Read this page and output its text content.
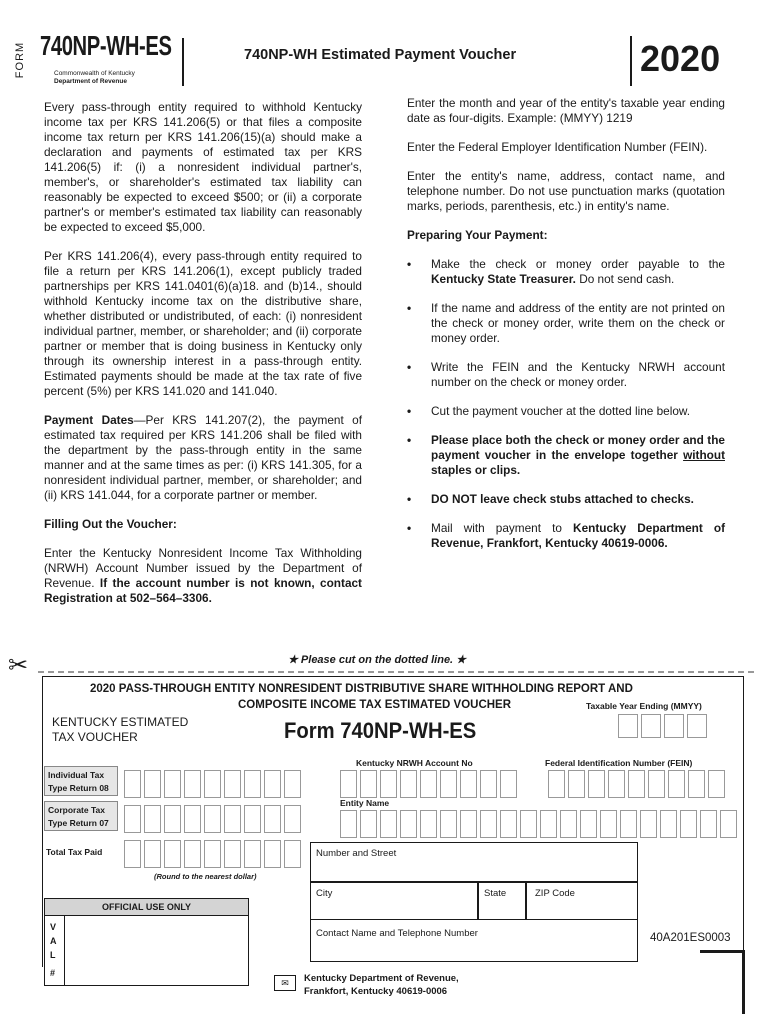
FORM 740NP-WH-ES
Commonwealth of Kentucky
Department of Revenue
740NP-WH Estimated Payment Voucher	2020

Every pass-through entity required to withhold Kentucky income tax per KRS 141.206(5) or that files a composite income tax return per KRS 141.206(15)(a) should make a declaration and payments of estimated tax per KRS 141.206(5) if: (i) a nonresident individual partner's, member's, or shareholder's estimated tax liability can reasonably be expected to exceed $500; or (ii) a corporate partner's or member's estimated tax liability can reasonably be expected to exceed $5,000.

Per KRS 141.206(4), every pass-through entity required to file a return per KRS 141.206(1), except publicly traded partnerships per KRS 141.0401(6)(a)18. and (b)14., should withhold Kentucky income tax on the distributive share, whether distributed or undistributed, of each: (i) nonresident individual partner, member, or shareholder; and (ii) corporate partner or member that is doing business in Kentucky only through its ownership interest in a pass-through entity. Estimated payments should be made at the tax rate of five percent (5%) per KRS 141.020 and 141.040.

Payment Dates—Per KRS 141.207(2), the payment of estimated tax required per KRS 141.206 shall be filed with the department by the pass-through entity in the same manner and at the same times as per: (i) KRS 141.305, for a nonresident individual partner, member, or shareholder; and (ii) KRS 141.044, for a corporate partner or member.

Filling Out the Voucher:

Enter the Kentucky Nonresident Income Tax Withholding (NRWH) Account Number issued by the Department of Revenue. If the account number is not known, contact Registration at 502–564–3306.

Enter the month and year of the entity's taxable year ending date as four-digits. Example: (MMYY) 1219

Enter the Federal Employer Identification Number (FEIN).

Enter the entity's name, address, contact name, and telephone number. Do not use punctuation marks (quotation marks, periods, parenthesis, etc.) in entity's name.

Preparing Your Payment:

• Make the check or money order payable to the Kentucky State Treasurer. Do not send cash.
• If the name and address of the entity are not printed on the check or money order, write them on the check or money order.
• Write the FEIN and the Kentucky NRWH account number on the check or money order.
• Cut the payment voucher at the dotted line below.
• Please place both the check or money order and the payment voucher in the envelope together without staples or clips.
• DO NOT leave check stubs attached to checks.
• Mail with payment to Kentucky Department of Revenue, Frankfort, Kentucky 40619-0006.
✂	★ Please cut on the dotted line. ★
2020 PASS-THROUGH ENTITY NONRESIDENT DISTRIBUTIVE SHARE WITHHOLDING REPORT AND
COMPOSITE INCOME TAX ESTIMATED VOUCHER	Taxable Year Ending (MMYY)
KENTUCKY ESTIMATED
TAX VOUCHER	Form 740NP-WH-ES
Kentucky NRWH Account No	Federal Identification Number (FEIN)
Individual Tax
Type Return 08
Corporate Tax
Type Return 07
Entity Name
Total Tax Paid
(Round to the nearest dollar)
Number and Street
City	State	ZIP Code
Contact Name and Telephone Number
OFFICIAL USE ONLY
V
A
L
#
40A201ES0003
✉	Kentucky Department of Revenue,
Frankfort, Kentucky 40619-0006
